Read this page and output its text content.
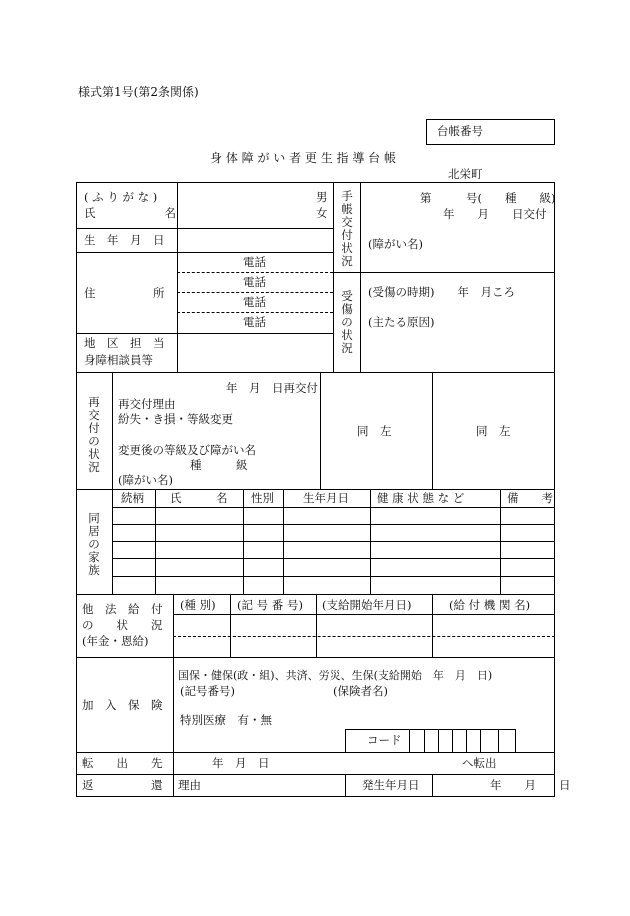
様式第1号(第2条関係)
台帳番号
身 体 障 が い 者 更 生 指 導 台 帳
北栄町
( ふ り が な )
氏　　　　　　名
男
女
生　年　月　日
住　　　　　所
電話
電話
電話
電話
地　区　担　当
身障相談員等
手帳交付状況
第　　　号(　　種　　級)
年　　月　　日交付
(障がい名)
受傷の状況
(受傷の時期)　　年　月ころ
(主たる原因)
再交付の状況
年　月　日再交付
再交付理由
紛失・き損・等級変更
変更後の等級及び障がい名
種　　　級
(障がい名)
同　左	同　左
同居の家族
続柄 氏　　　名 性別	生年月日 健 康 状 態 な ど	備　　考
他　法　給　付
の　　状　　況
(年金・恩給)
(種 別) (記 号 番 号) (支給開始年月日)	(給 付 機 関 名)
加　入　保　険
国保・健保(政・組)、共済、労災、生保(支給開始　年　月　日)
(記号番号)	(保険者名)
特別医療　有・無
コード
転　　出　　先	年　月　日	へ転出
返　　　　　還 理由	発生年月日	年　　月　　日
